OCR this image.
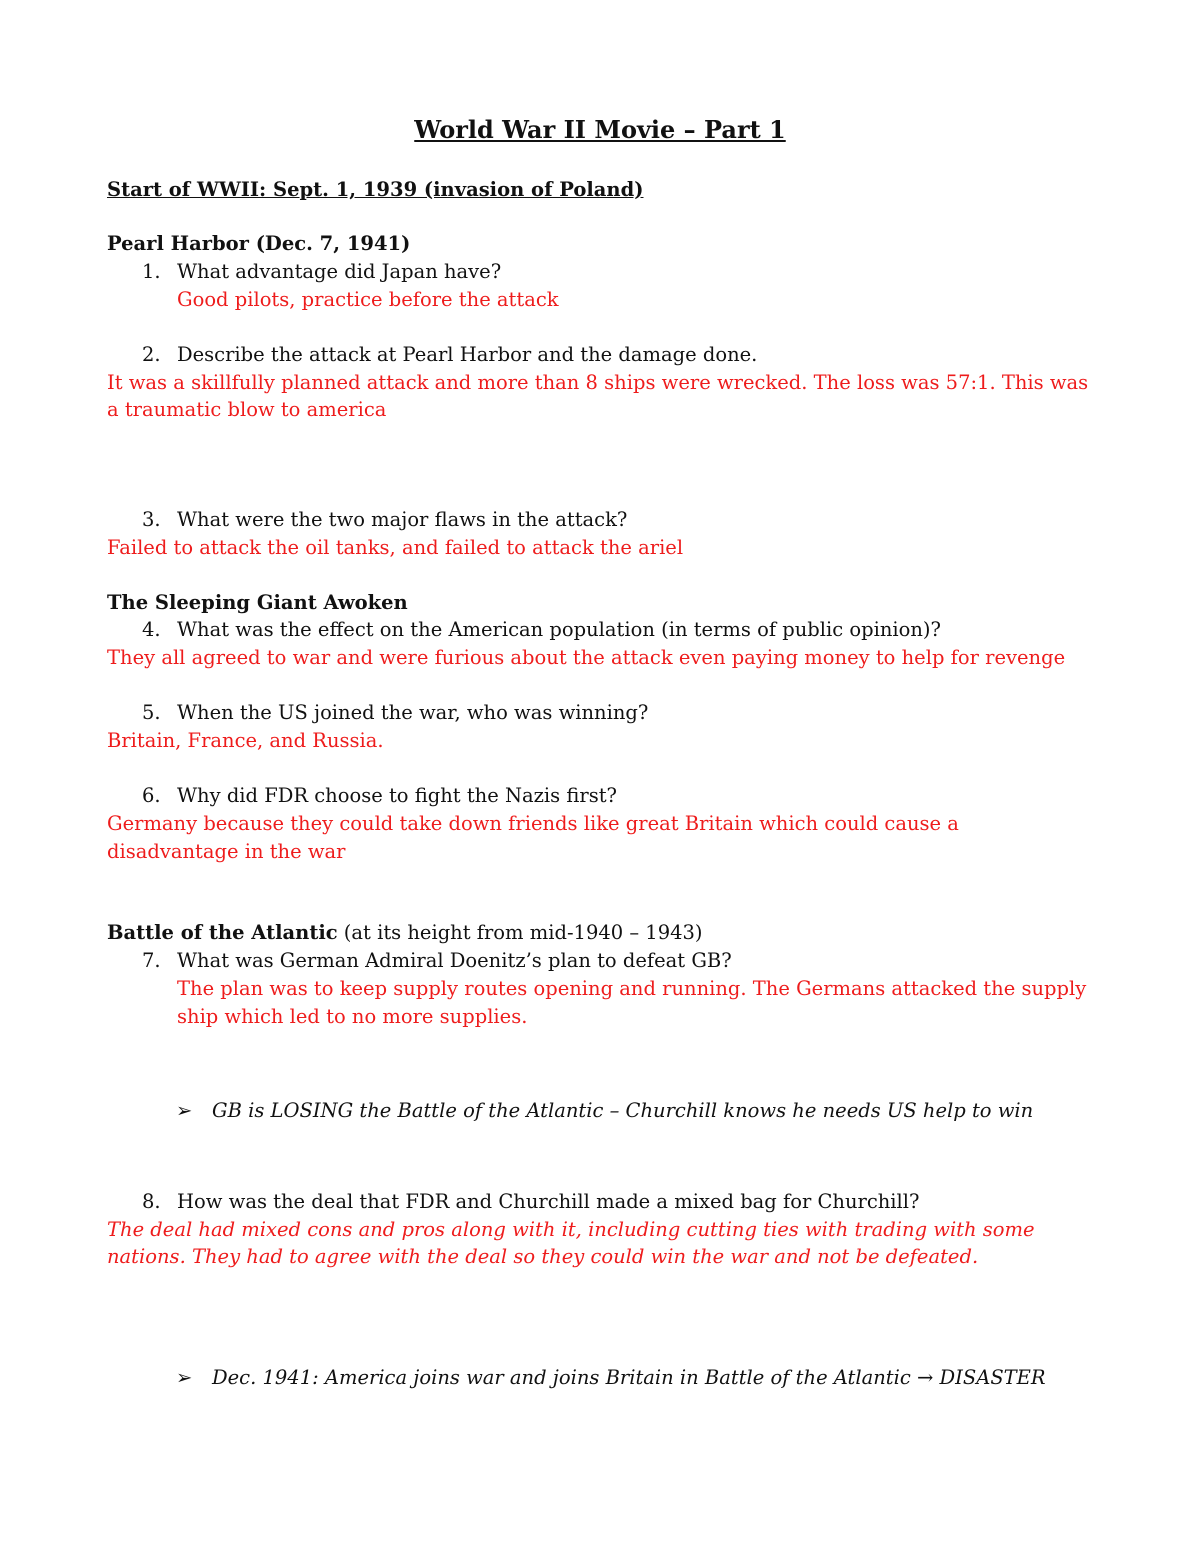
World War II Movie – Part 1
Start of WWII: Sept. 1, 1939 (invasion of Poland)
Pearl Harbor (Dec. 7, 1941)
1. What advantage did Japan have?
Good pilots, practice before the attack
2. Describe the attack at Pearl Harbor and the damage done.
It was a skillfully planned attack and more than 8 ships were wrecked. The loss was 57:1. This was
a traumatic blow to america
3. What were the two major flaws in the attack?
Failed to attack the oil tanks, and failed to attack the ariel
The Sleeping Giant Awoken
4. What was the effect on the American population (in terms of public opinion)?
They all agreed to war and were furious about the attack even paying money to help for revenge
5. When the US joined the war, who was winning?
Britain, France, and Russia.
6. Why did FDR choose to fight the Nazis first?
Germany because they could take down friends like great Britain which could cause a
disadvantage in the war
Battle of the Atlantic (at its height from mid-1940 – 1943)
7. What was German Admiral Doenitz’s plan to defeat GB?
The plan was to keep supply routes opening and running. The Germans attacked the supply
ship which led to no more supplies.
➢ GB is LOSING the Battle of the Atlantic – Churchill knows he needs US help to win
8. How was the deal that FDR and Churchill made a mixed bag for Churchill?
The deal had mixed cons and pros along with it, including cutting ties with trading with some
nations. They had to agree with the deal so they could win the war and not be defeated.
➢ Dec. 1941: America joins war and joins Britain in Battle of the Atlantic → DISASTER
